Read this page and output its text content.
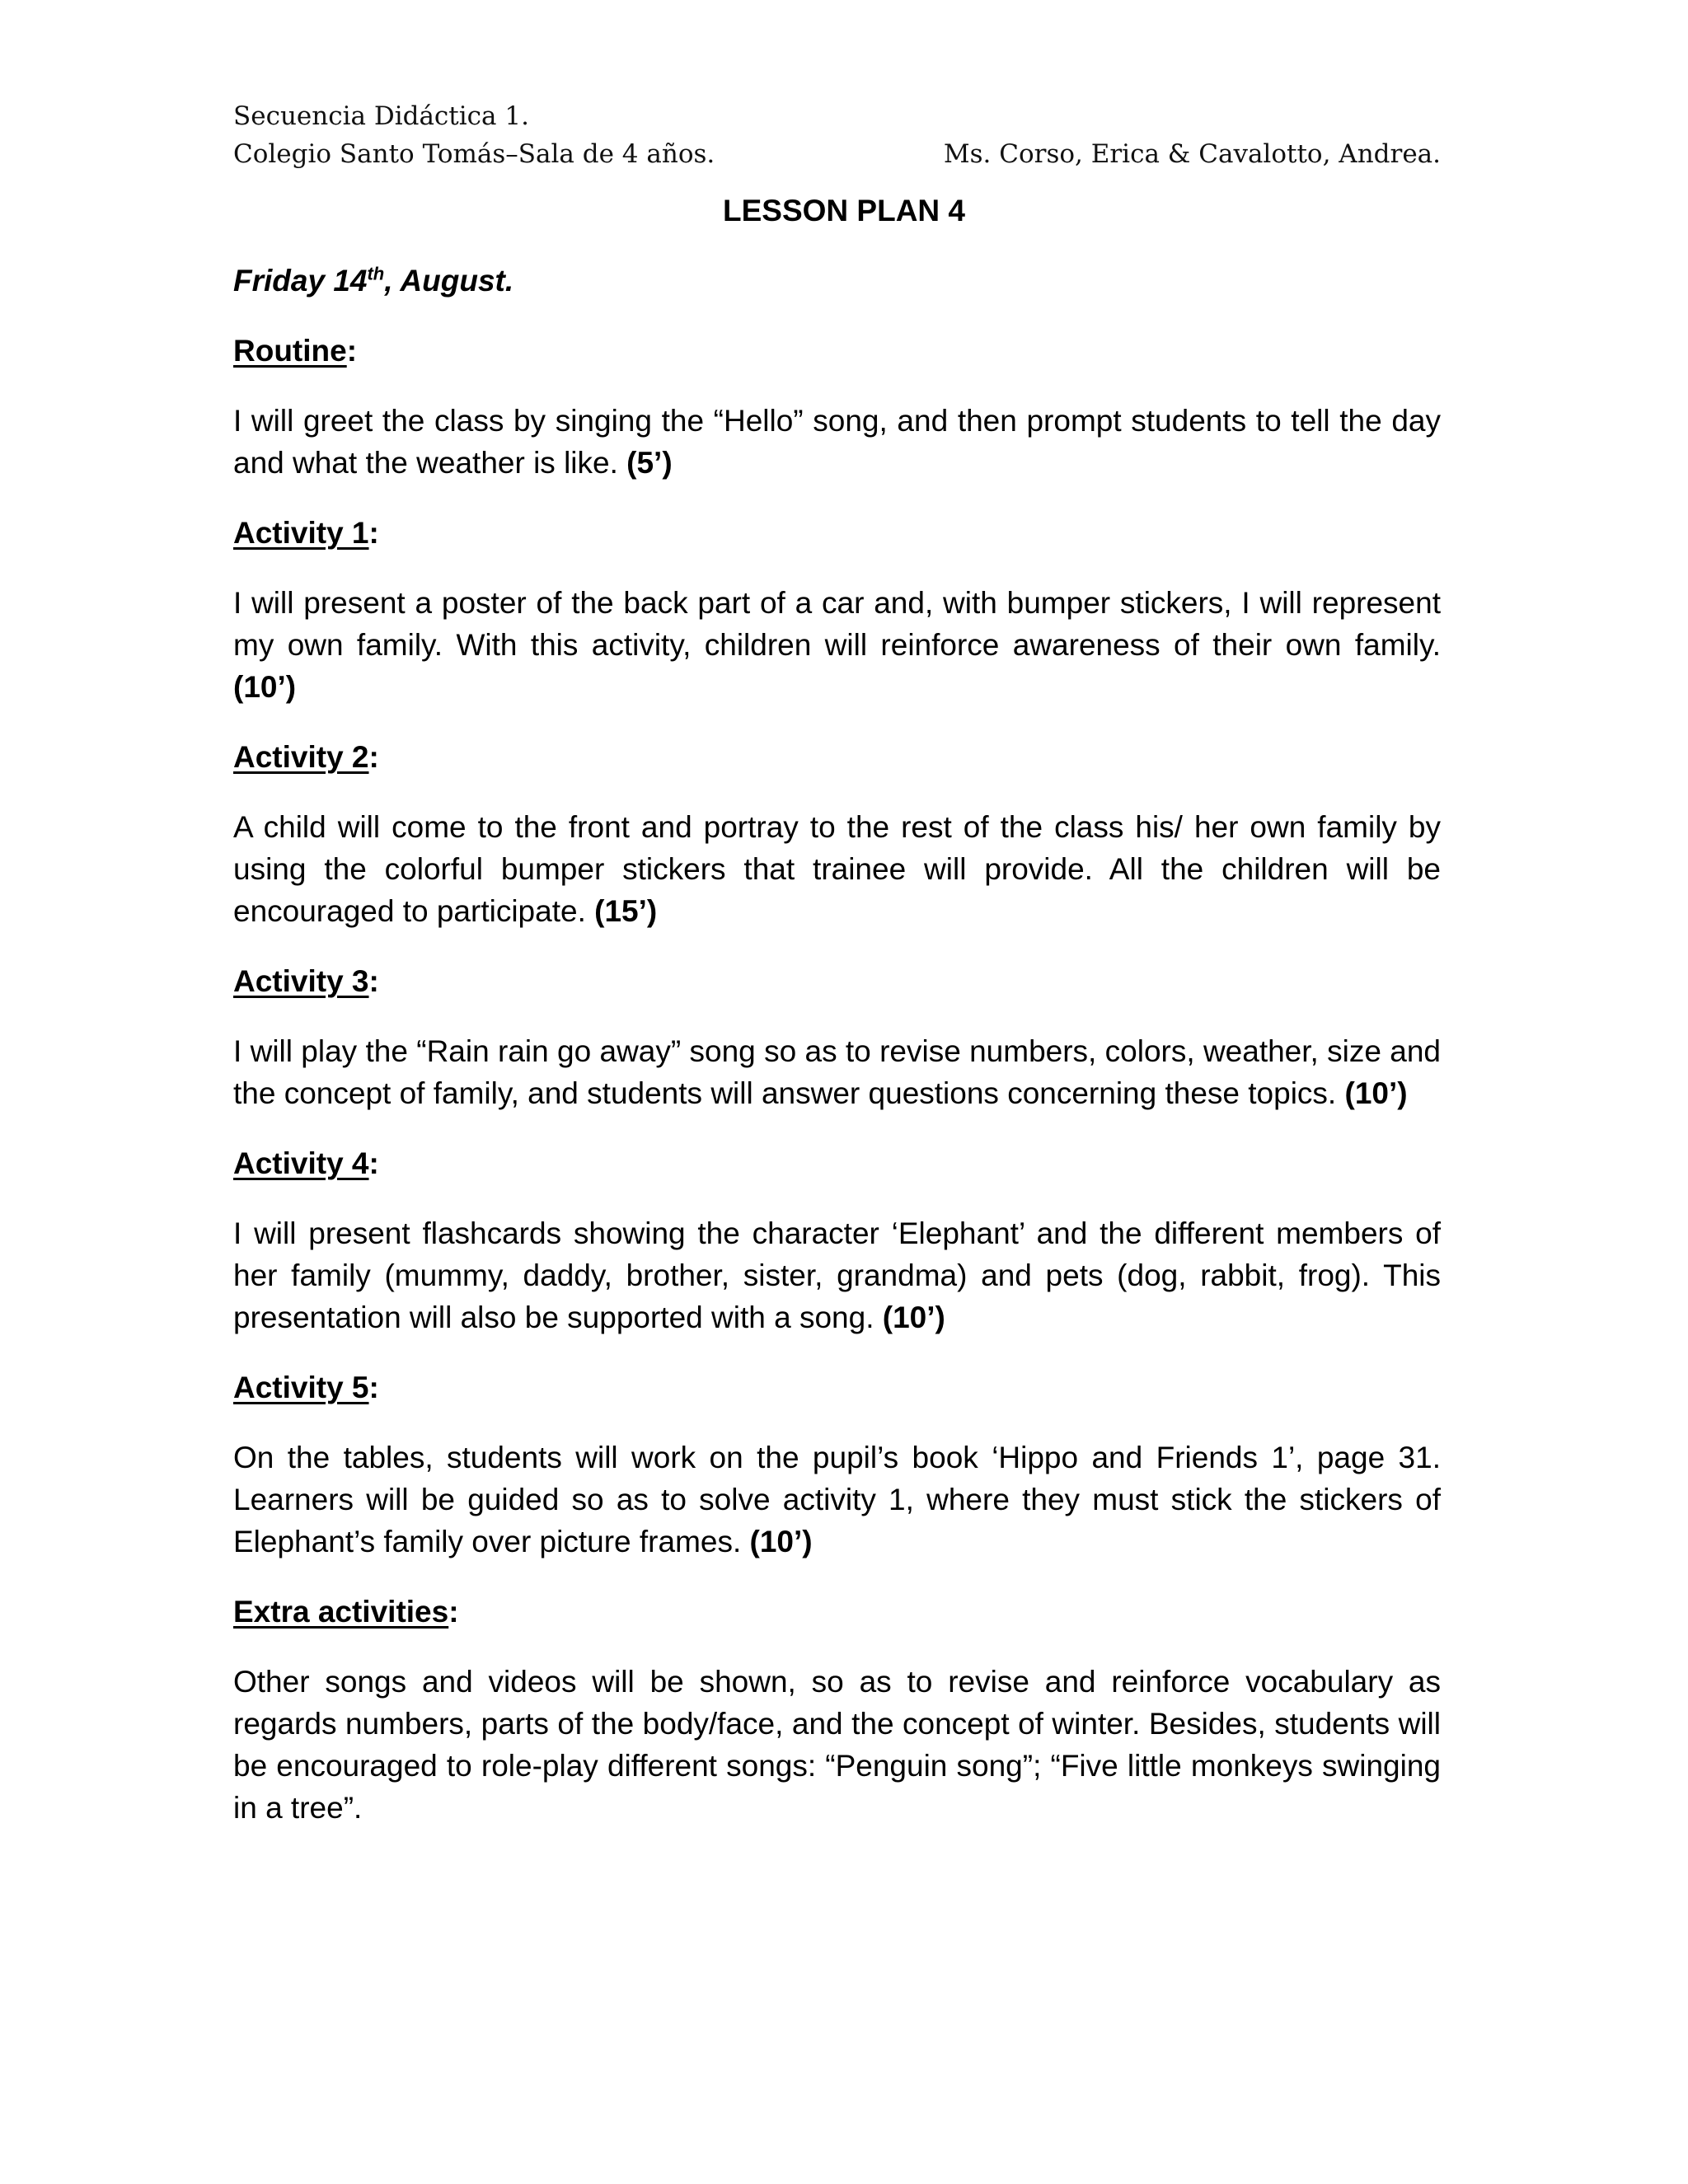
Secuencia Didáctica 1.
Colegio Santo Tomás–Sala de 4 años.	Ms. Corso, Erica & Cavalotto, Andrea.
LESSON PLAN 4
Friday 14th, August.
Routine:
I will greet the class by singing the “Hello” song, and then prompt students to tell the day and what the weather is like. (5’)
Activity 1:
I will present a poster of the back part of a car and, with bumper stickers, I will represent my own family. With this activity, children will reinforce awareness of their own family. (10’)
Activity 2:
A child will come to the front and portray to the rest of the class his/ her own family by using the colorful bumper stickers that trainee will provide. All the children will be encouraged to participate. (15’)
Activity 3:
I will play the “Rain rain go away” song so as to revise numbers, colors, weather, size and the concept of family, and students will answer questions concerning these topics. (10’)
Activity 4:
I will present flashcards showing the character ‘Elephant’ and the different members of her family (mummy, daddy, brother, sister, grandma) and pets (dog, rabbit, frog). This presentation will also be supported with a song. (10’)
Activity 5:
On the tables, students will work on the pupil’s book ‘Hippo and Friends 1’, page 31. Learners will be guided so as to solve activity 1, where they must stick the stickers of Elephant’s family over picture frames. (10’)
Extra activities:
Other songs and videos will be shown, so as to revise and reinforce vocabulary as regards numbers, parts of the body/face, and the concept of winter. Besides, students will be encouraged to role-play different songs: “Penguin song”; “Five little monkeys swinging in a tree”.
